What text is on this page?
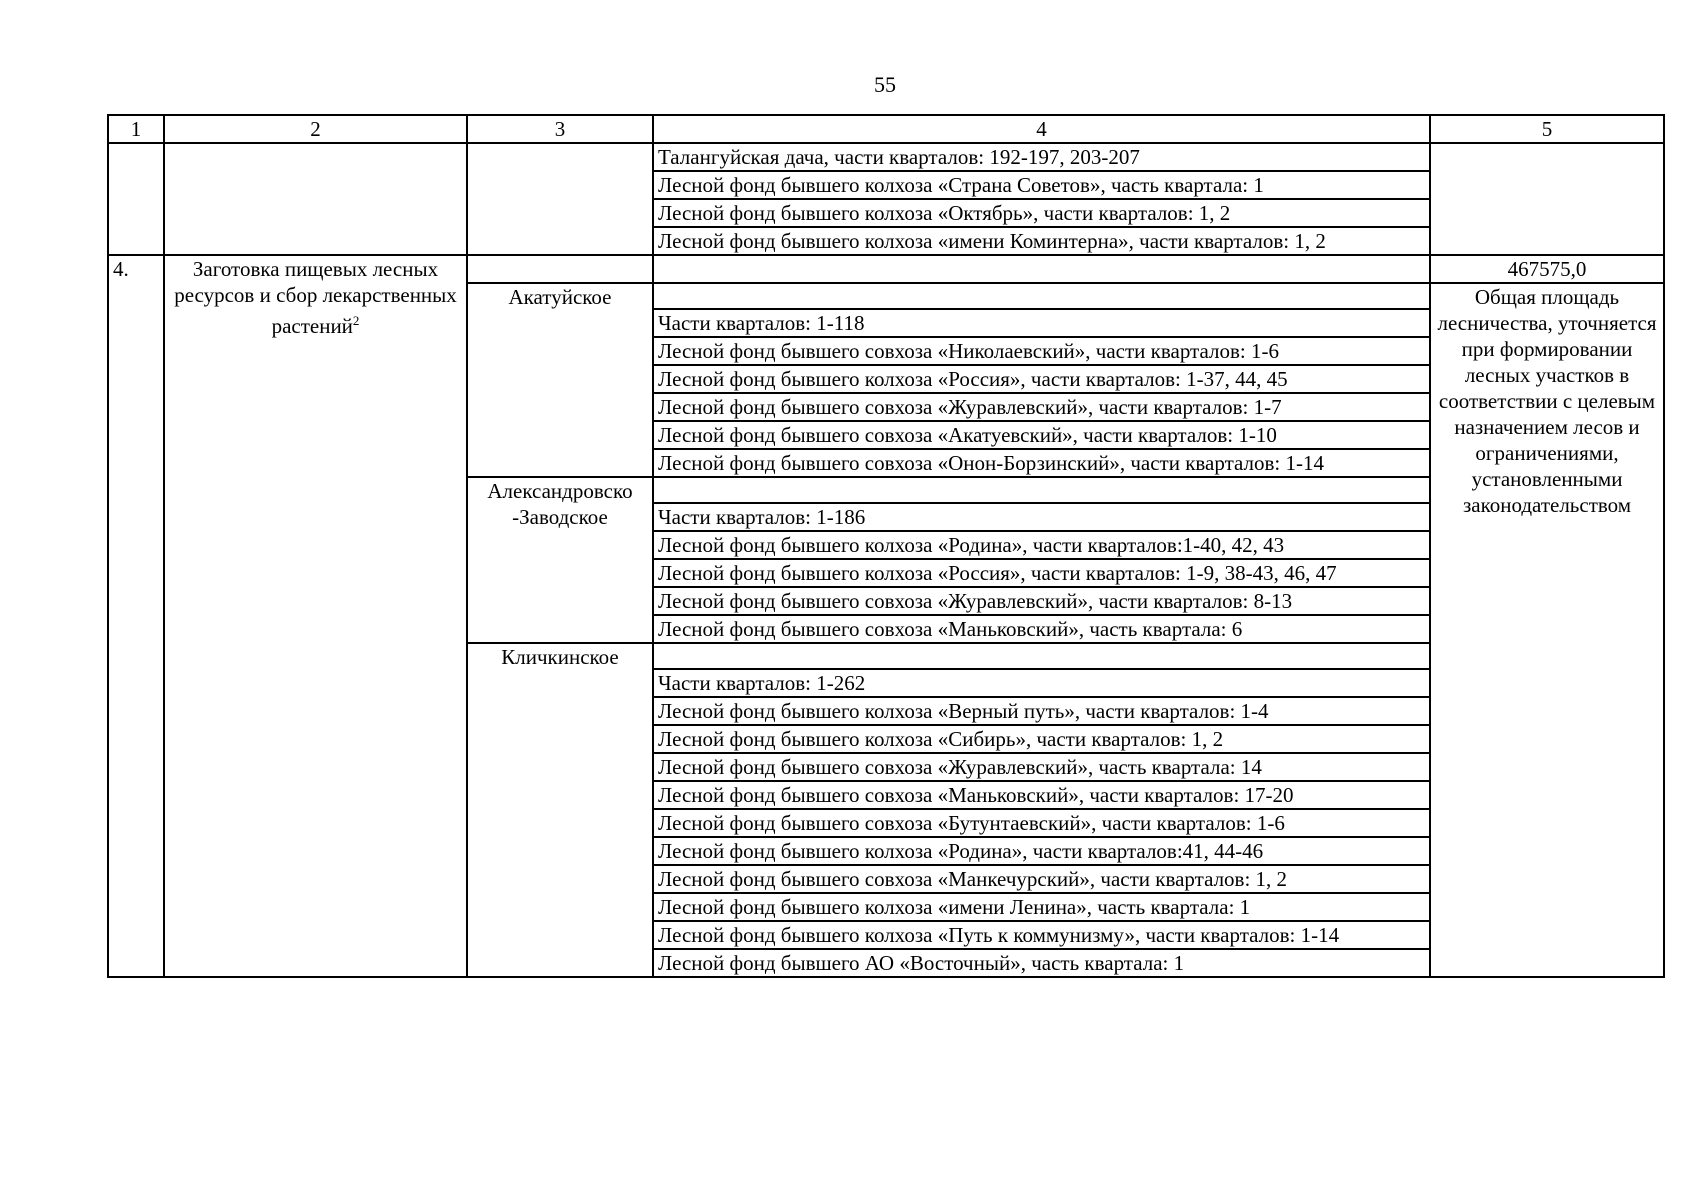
55
1	2	3	4	5
			Талангуйская дача, части кварталов: 192-197, 203-207	
			Лесной фонд бывшего колхоза «Страна Советов», часть квартала: 1	
			Лесной фонд бывшего колхоза «Октябрь», части кварталов: 1, 2	
			Лесной фонд бывшего колхоза «имени Коминтерна», части кварталов: 1, 2	
4.	Заготовка пищевых лесных ресурсов и сбор лекарственных растений$^2$			467575,0
		Акатуйское		Общая площадь лесничества, уточняется при формировании лесных участков в соответствии с целевым назначением лесов и ограничениями, установленными законодательством
			Части кварталов: 1-118	
			Лесной фонд бывшего совхоза «Николаевский», части кварталов: 1-6	
			Лесной фонд бывшего колхоза «Россия», части кварталов: 1-37, 44, 45	
			Лесной фонд бывшего совхоза «Журавлевский», части кварталов: 1-7	
			Лесной фонд бывшего совхоза «Акатуевский», части кварталов: 1-10	
			Лесной фонд бывшего совхоза «Онон-Борзинский», части кварталов: 1-14	

		Александровско-Заводское		

			Части кварталов: 1-186	
			Лесной фонд бывшего колхоза «Родина», части кварталов:1-40, 42, 43	
			Лесной фонд бывшего колхоза «Россия», части кварталов: 1-9, 38-43, 46, 47	
			Лесной фонд бывшего совхоза «Журавлевский», части кварталов: 8-13	
			Лесной фонд бывшего совхоза «Маньковский», часть квартала: 6	
		Кличкинское		
			Части кварталов: 1-262	
			Лесной фонд бывшего колхоза «Верный путь», части кварталов: 1-4	
			Лесной фонд бывшего колхоза «Сибирь», части кварталов: 1, 2	
			Лесной фонд бывшего совхоза «Журавлевский», часть квартала: 14	
			Лесной фонд бывшего совхоза «Маньковский», части кварталов: 17-20	
			Лесной фонд бывшего совхоза «Бутунтаевский», части кварталов: 1-6	
			Лесной фонд бывшего колхоза «Родина», части кварталов:41, 44-46	
			Лесной фонд бывшего совхоза «Манкечурский», части кварталов: 1, 2	
			Лесной фонд бывшего колхоза «имени Ленина», часть квартала: 1	
			Лесной фонд бывшего колхоза «Путь к коммунизму», части кварталов: 1-14	
			Лесной фонд бывшего АО «Восточный», часть квартала: 1	
